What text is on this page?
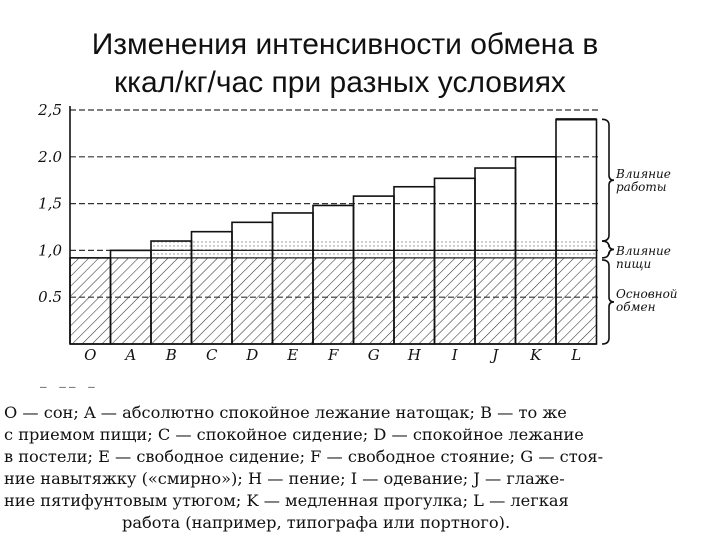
Изменения интенсивности обмена в
ккал/кг/час при разных условиях
0.5
1,0
1,5
2.0
2,5
O A B C D E F G H I J K L
Влияние
работы
Влияние
пищи
Основной
обмен
— —— —
O — сон; A — абсолютно спокойное лежание натощак; B — то же
с приемом пищи; C — спокойное сидение; D — спокойное лежание
в постели; E — свободное сидение; F — свободное стояние; G — стоя-
ние навытяжку («смирно»); H — пение; I — одевание; J — глаже-
ние пятифунтовым утюгом; K — медленная прогулка; L — легкая
работа (например, типографа или портного).
